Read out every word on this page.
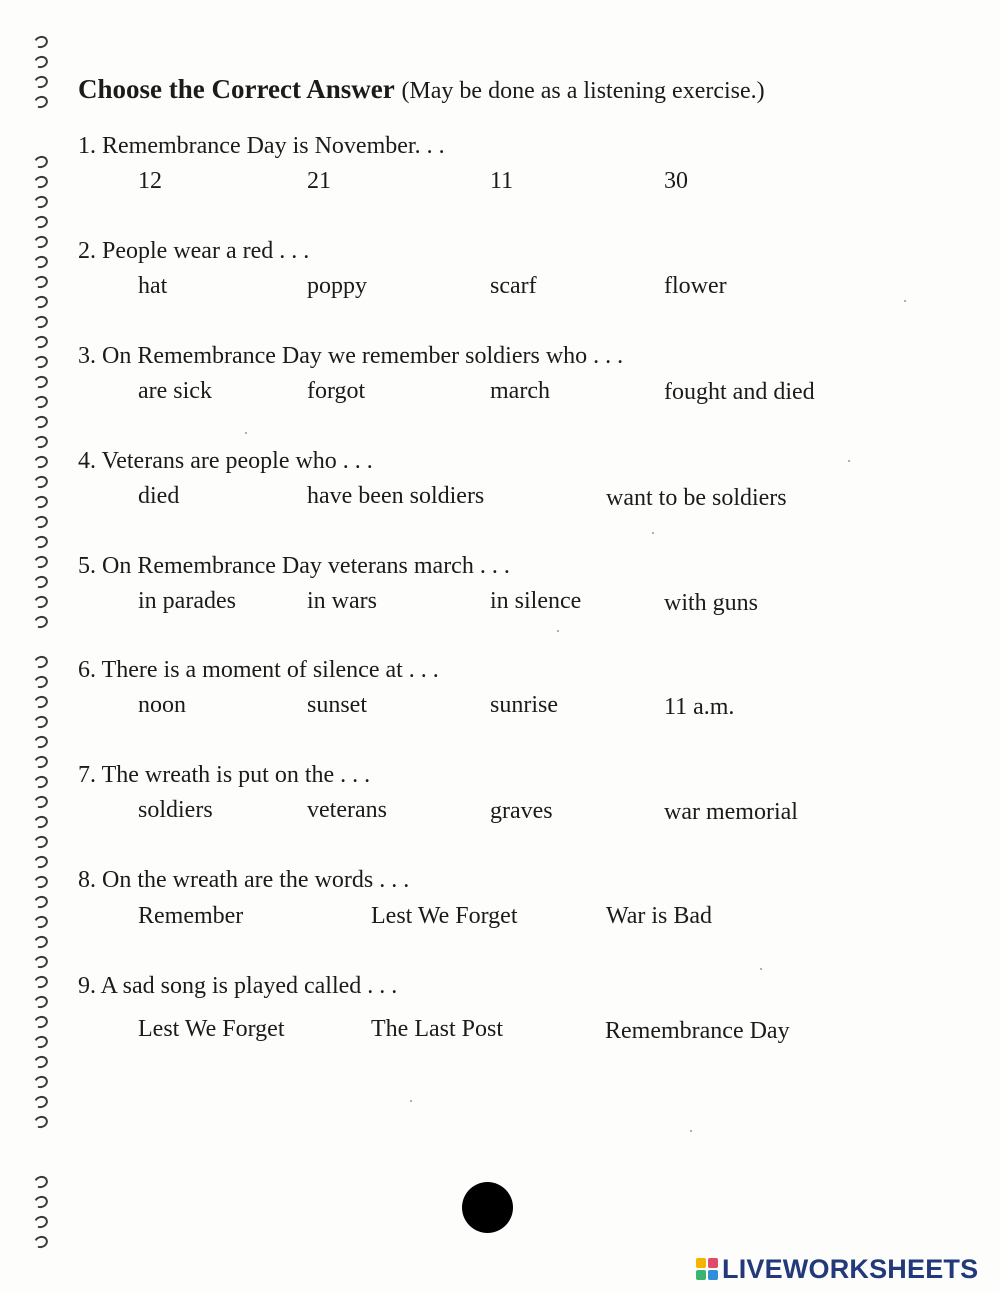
Choose the Correct Answer (May be done as a listening exercise.)
1. Remembrance Day is November. . .
12	21	11	30
2. People wear a red . . .
hat	poppy	scarf	flower
3. On Remembrance Day we remember soldiers who . . .
are sick	forgot	march	fought and died
4. Veterans are people who . . .
died	have been soldiers	want to be soldiers
5. On Remembrance Day veterans march . . .
in parades	in wars	in silence	with guns
6. There is a moment of silence at . . .
noon	sunset	sunrise	11 a.m.
7. The wreath is put on the . . .
soldiers	veterans	graves	war memorial
8. On the wreath are the words . . .
Remember	Lest We Forget	War is Bad
9. A sad song is played called . . .
Lest We Forget	The Last Post	Remembrance Day
LIVEWORKSHEETS
